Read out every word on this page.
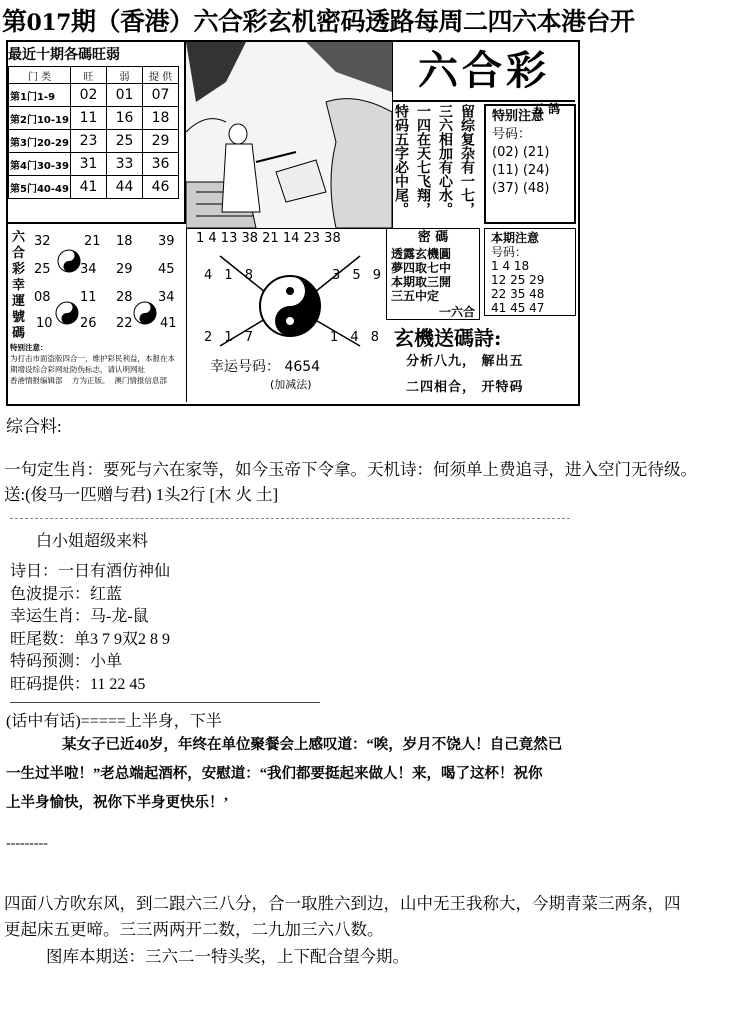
第017期（香港）六合彩玄机密码透路每周二四六本港台开
最近十期各碼旺弱
门 类	旺	弱	提 供
第1门1-9	02	01	07
第2门10-19	11	16	18
第3门20-29	23	25	29
第4门30-39	31	33	36
第5门40-49	41	44	46
六合彩
五 鸽
特码五字必中尾。 一四在天七飞翔， 三六相加有心水。 留综复杂有一七， 特别注意
号码：
(02) (21)
(11) (24)
(37) (48)
六合彩幸運號碼
32	21 18 39
25 34 29 45
08 11 28 34
10 26 22 41
特别注意：
为打击市面盗版四合一，维护彩民利益，本报在本期增设综合彩网址防伪标志，请认明网址
香港情报编辑部 方为正版。 澳门情报信息部
1 4 13 38 21 14 23 38
4 1 8	3 5 9
2 1 7	1 4 8
幸运号码： 4654
(加减法)
密 碼
透露玄機圓
夢四取七中
本期取三開
三五中定
一六合
本期注意
号码：
1 4 18
12 25 29
22 35 48
41 45 47
玄機送碼詩:
分析八九， 解出五
二四相合， 开特码
综合料:
一句定生肖：要死与六在家等，如今玉帝下令拿。天机诗：何须单上费追寻，进入空门无待级。
送:(俊马一匹赠与君) 1头2行 [木 火 土]
白小姐超级来料
诗日：一日有酒仿神仙
色波提示：红蓝
幸运生肖：马-龙-鼠
旺尾数：单3 7 9双2 8 9
特码预测：小单
旺码提供：11 22 45
(话中有话)=====上半身，下半
某女子已近40岁，年终在单位聚餐会上感叹道：“唉，岁月不饶人！自己竟然已
一生过半啦！”老总端起酒杯，安慰道：“我们都要挺起来做人！来，喝了这杯！祝你
上半身愉快，祝你下半身更快乐！’
---------
四面八方吹东风，到二跟六三八分，合一取胜六到边，山中无王我称大，今期青菜三两条，四
更起床五更啼。三三两两开二数，二九加三六八数。
图库本期送：三六二一特头奖，上下配合望今期。
